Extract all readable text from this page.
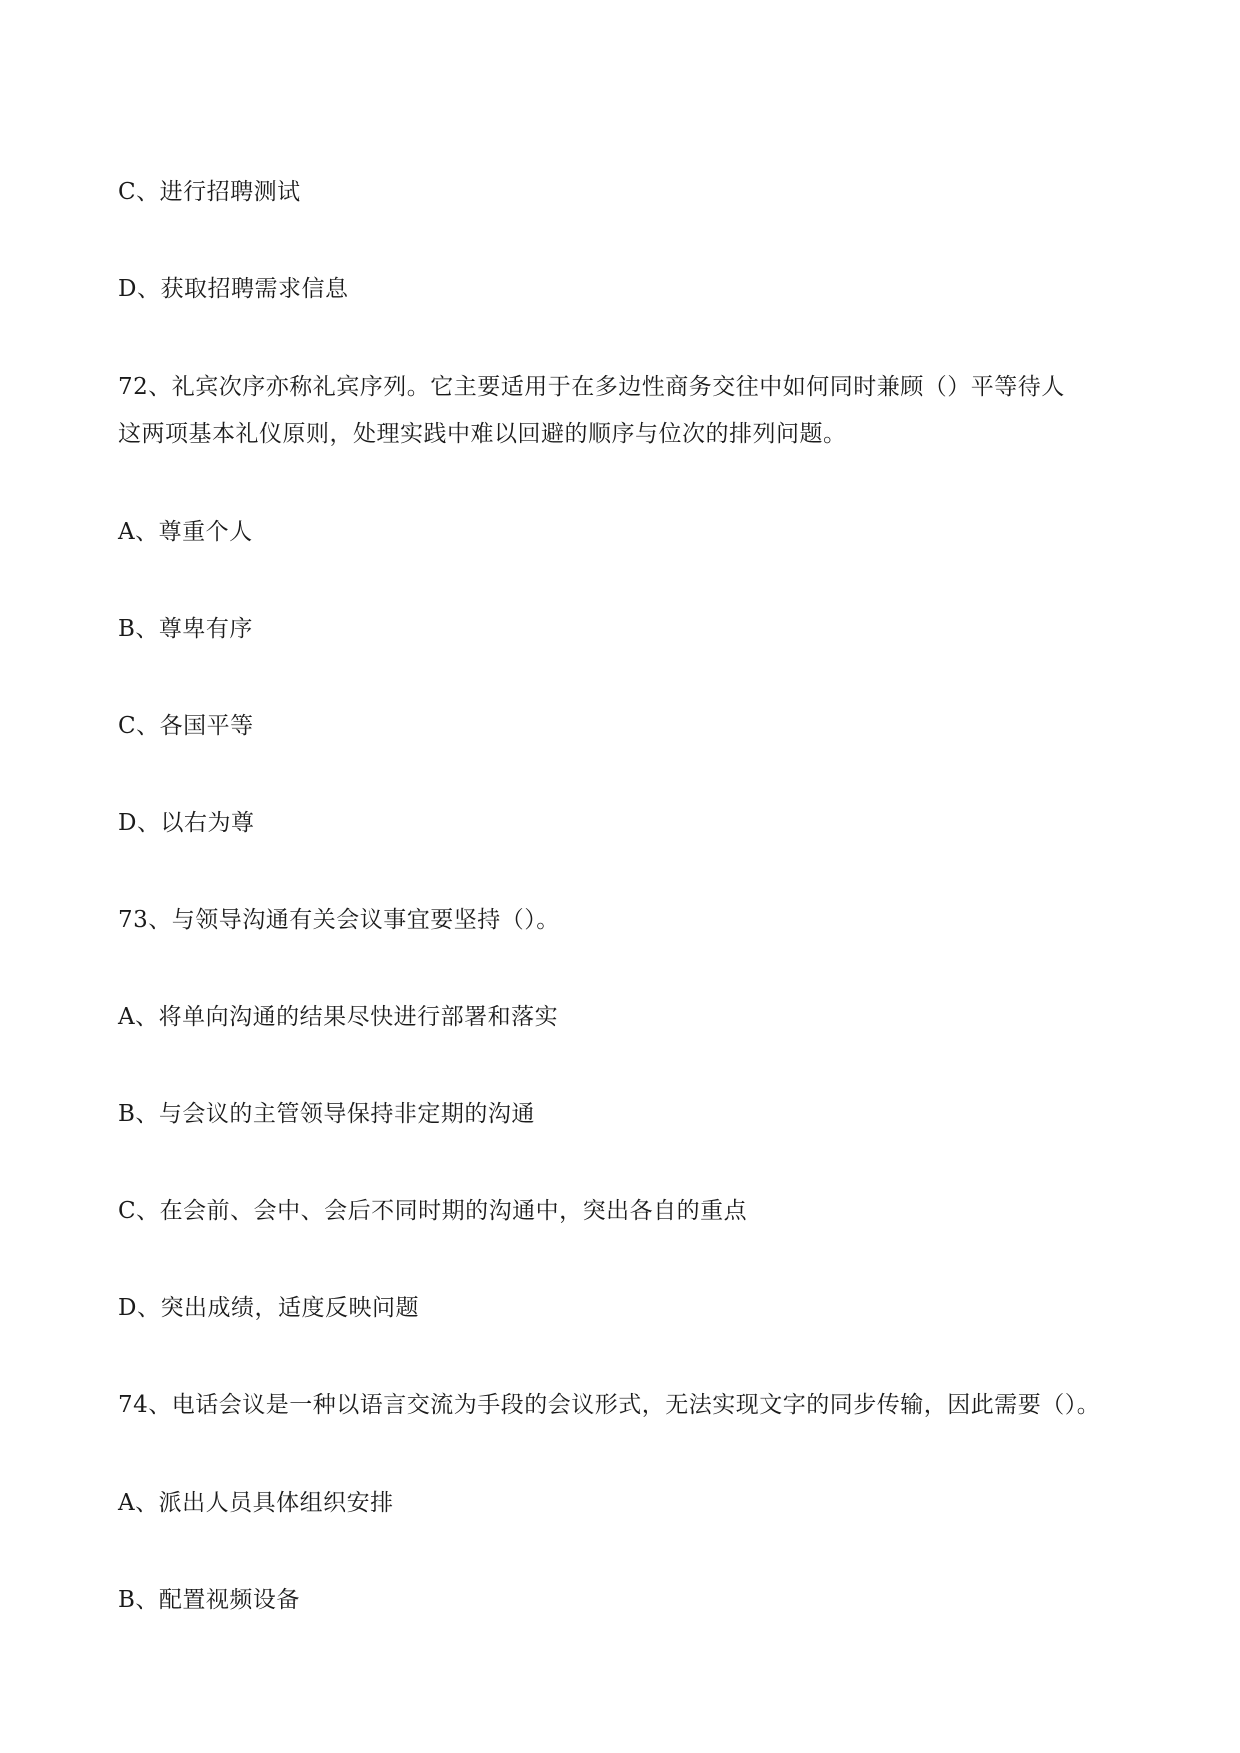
C、进行招聘测试
D、获取招聘需求信息
72、礼宾次序亦称礼宾序列。它主要适用于在多边性商务交往中如何同时兼顾（）平等待人
这两项基本礼仪原则，处理实践中难以回避的顺序与位次的排列问题。
A、尊重个人
B、尊卑有序
C、各国平等
D、以右为尊
73、与领导沟通有关会议事宜要坚持（）。
A、将单向沟通的结果尽快进行部署和落实
B、与会议的主管领导保持非定期的沟通
C、在会前、会中、会后不同时期的沟通中，突出各自的重点
D、突出成绩，适度反映问题
74、电话会议是一种以语言交流为手段的会议形式，无法实现文字的同步传输，因此需要（）。
A、派出人员具体组织安排
B、配置视频设备
